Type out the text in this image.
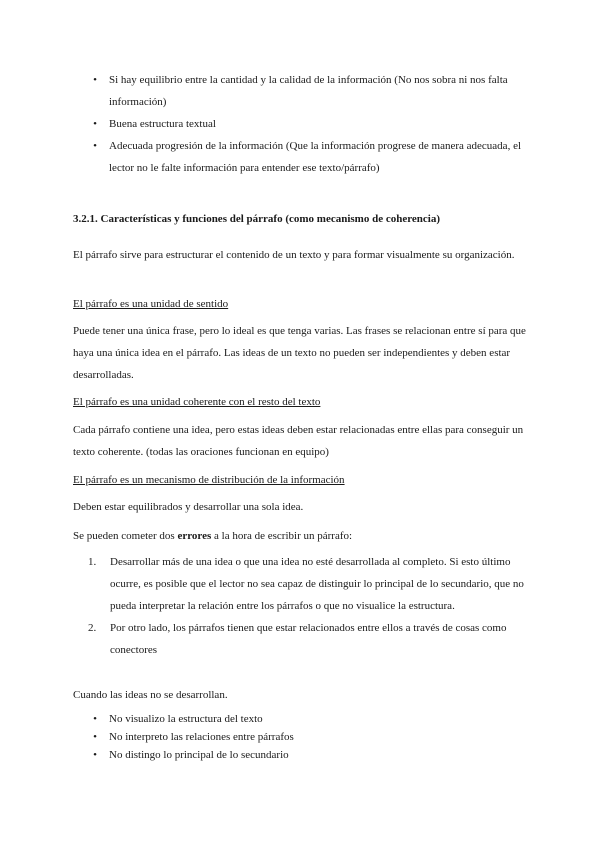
• Si hay equilibrio entre la cantidad y la calidad de la información (No nos sobra ni nos falta información)
• Buena estructura textual
• Adecuada progresión de la información (Que la información progrese de manera adecuada, el lector no le falte información para entender ese texto/párrafo)

3.2.1. Características y funciones del párrafo (como mecanismo de coherencia)

El párrafo sirve para estructurar el contenido de un texto y para formar visualmente su organización.

El párrafo es una unidad de sentido

Puede tener una única frase, pero lo ideal es que tenga varias. Las frases se relacionan entre sí para que haya una única idea en el párrafo. Las ideas de un texto no pueden ser independientes y deben estar desarrolladas.

El párrafo es una unidad coherente con el resto del texto

Cada párrafo contiene una idea, pero estas ideas deben estar relacionadas entre ellas para conseguir un texto coherente. (todas las oraciones funcionan en equipo)

El párrafo es un mecanismo de distribución de la información

Deben estar equilibrados y desarrollar una sola idea.

Se pueden cometer dos errores a la hora de escribir un párrafo:

1. Desarrollar más de una idea o que una idea no esté desarrollada al completo. Si esto último ocurre, es posible que el lector no sea capaz de distinguir lo principal de lo secundario, que no pueda interpretar la relación entre los párrafos o que no visualice la estructura.
2. Por otro lado, los párrafos tienen que estar relacionados entre ellos a través de cosas como conectores

Cuando las ideas no se desarrollan.

• No visualizo la estructura del texto
• No interpreto las relaciones entre párrafos
• No distingo lo principal de lo secundario
